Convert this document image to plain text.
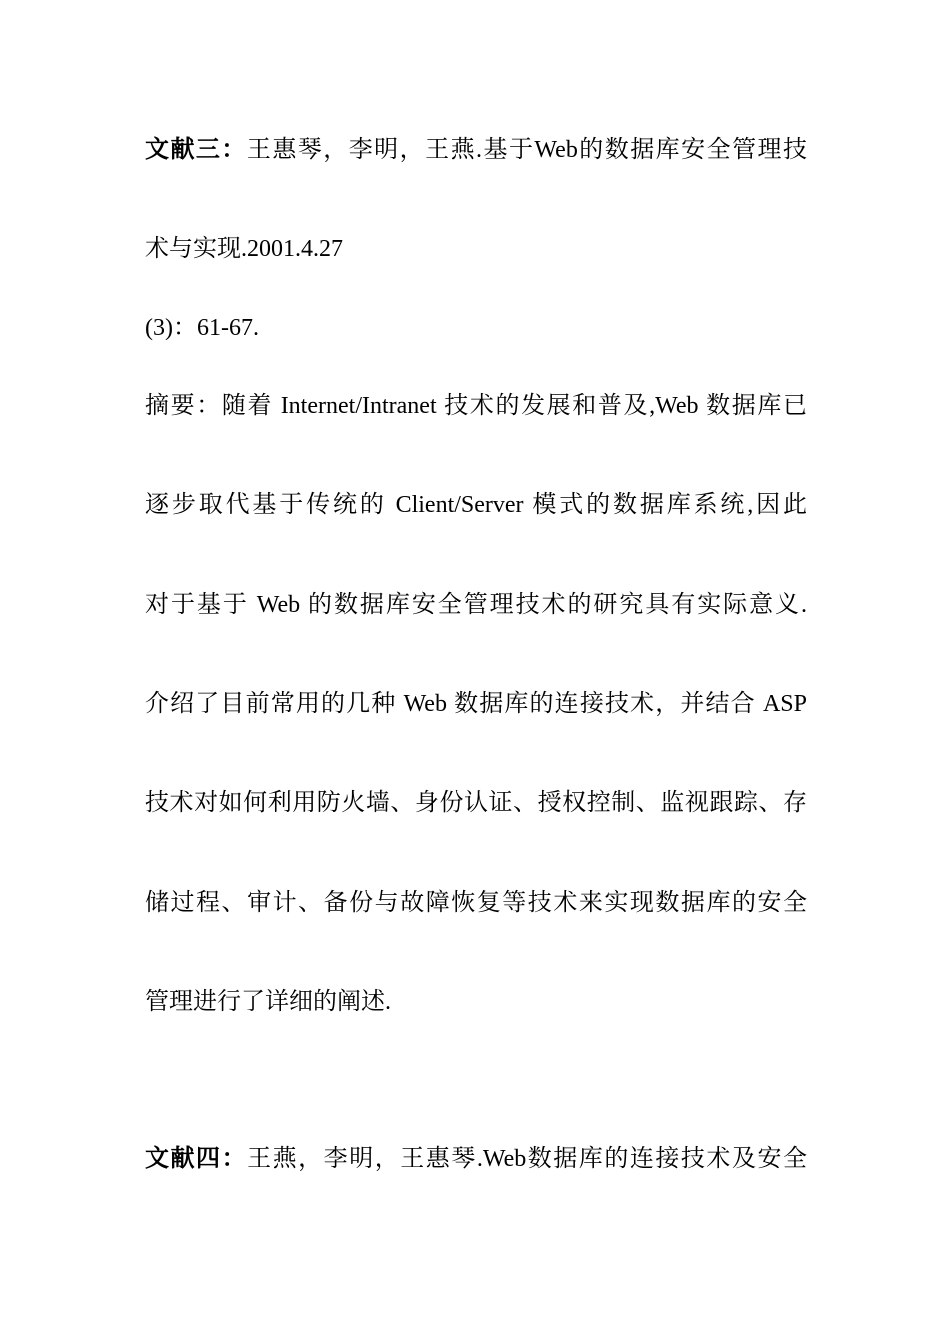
文献三：王惠琴，李明，王燕.基于Web的数据库安全管理技
术与实现.2001.4.27
(3)：61-67.
摘要：随着 Internet/Intranet 技术的发展和普及,Web 数据库已
逐步取代基于传统的 Client/Server 模式的数据库系统,因此
对于基于 Web 的数据库安全管理技术的研究具有实际意义.
介绍了目前常用的几种 Web 数据库的连接技术，并结合 ASP
技术对如何利用防火墙、身份认证、授权控制、监视跟踪、存
储过程、审计、备份与故障恢复等技术来实现数据库的安全
管理进行了详细的阐述.
文献四：王燕，李明，王惠琴.Web数据库的连接技术及安全
